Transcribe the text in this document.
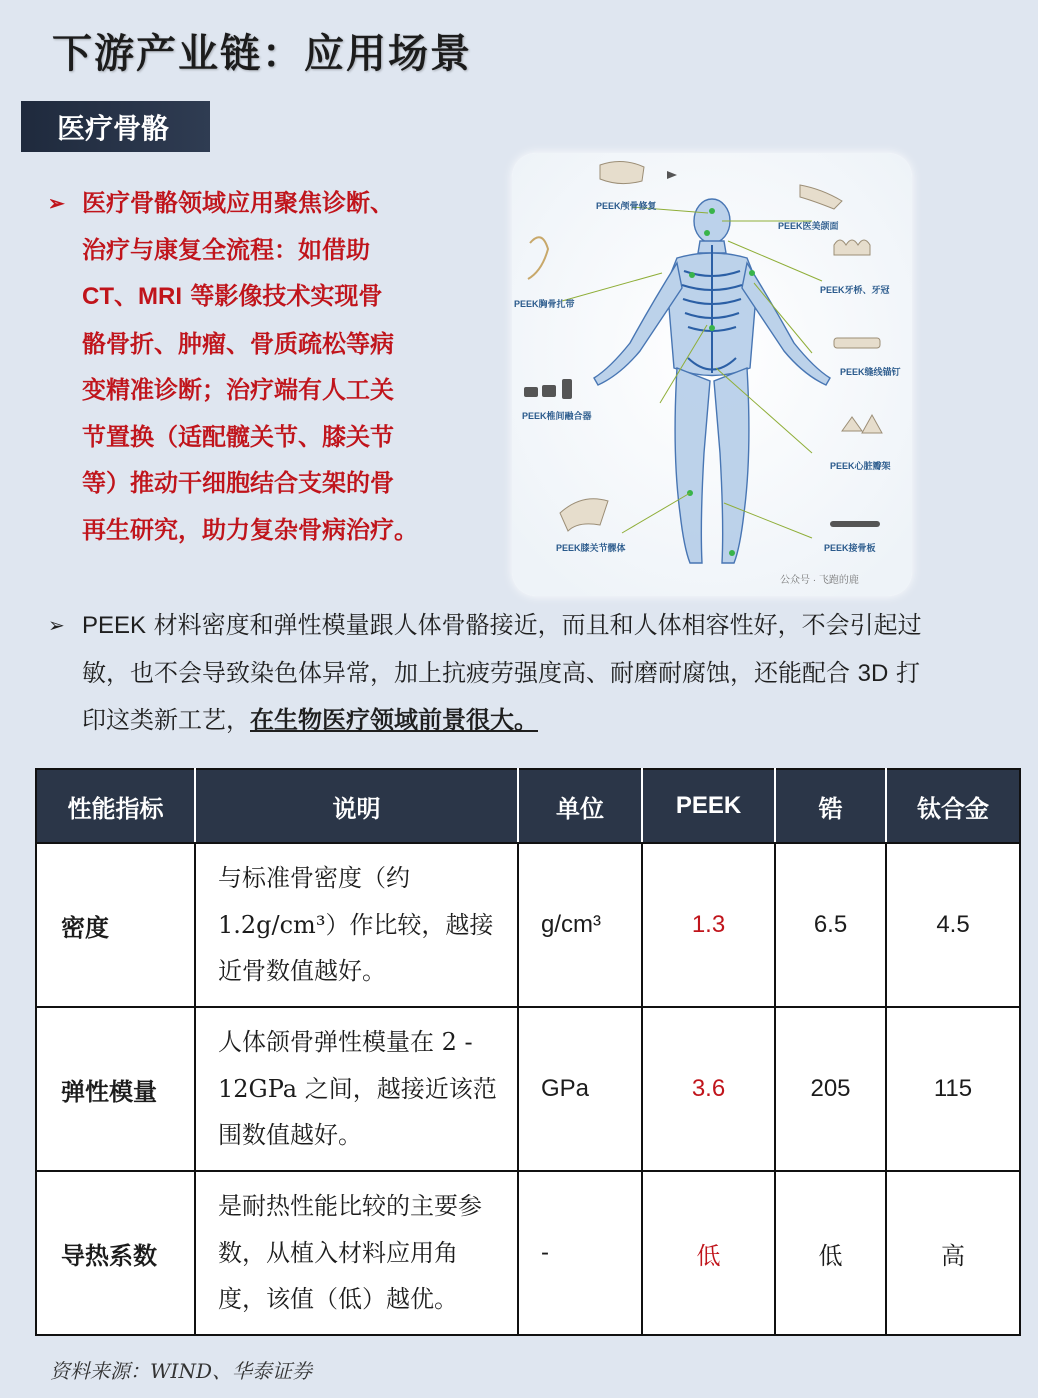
下游产业链：应用场景
医疗骨骼
➢ 医疗骨骼领域应用聚焦诊断、
治疗与康复全流程：如借助
CT、MRI 等影像技术实现骨
骼骨折、肿瘤、骨质疏松等病
变精准诊断；治疗端有人工关
节置换（适配髋关节、膝关节
等）推动干细胞结合支架的骨
再生研究，助力复杂骨病治疗。
PEEK颅骨修复
PEEK医美颌面
PEEK牙桥、牙冠
PEEK胸骨扎带
PEEK缝线锚钉
PEEK椎间融合器
PEEK心脏瓣架
PEEK膝关节髁体	PEEK接骨板
公众号 · 飞跑的鹿
➢ PEEK 材料密度和弹性模量跟人体骨骼接近，而且和人体相容性好，不会引起过
敏，也不会导致染色体异常，加上抗疲劳强度高、耐磨耐腐蚀，还能配合 3D 打
印这类新工艺，在生物医疗领域前景很大。
性能指标	说明	单位	PEEK	锆	钛合金
密度	与标准骨密度（约 1.2g/cm³）作比较，越接近骨数值越好。	g/cm³	1.3	6.5	4.5
弹性模量	人体颌骨弹性模量在 2 - 12GPa 之间，越接近该范围数值越好。	GPa	3.6	205	115
导热系数	是耐热性能比较的主要参数，从植入材料应用角度，该值（低）越优。	-	低	低	高
资料来源：WIND、华泰证券
